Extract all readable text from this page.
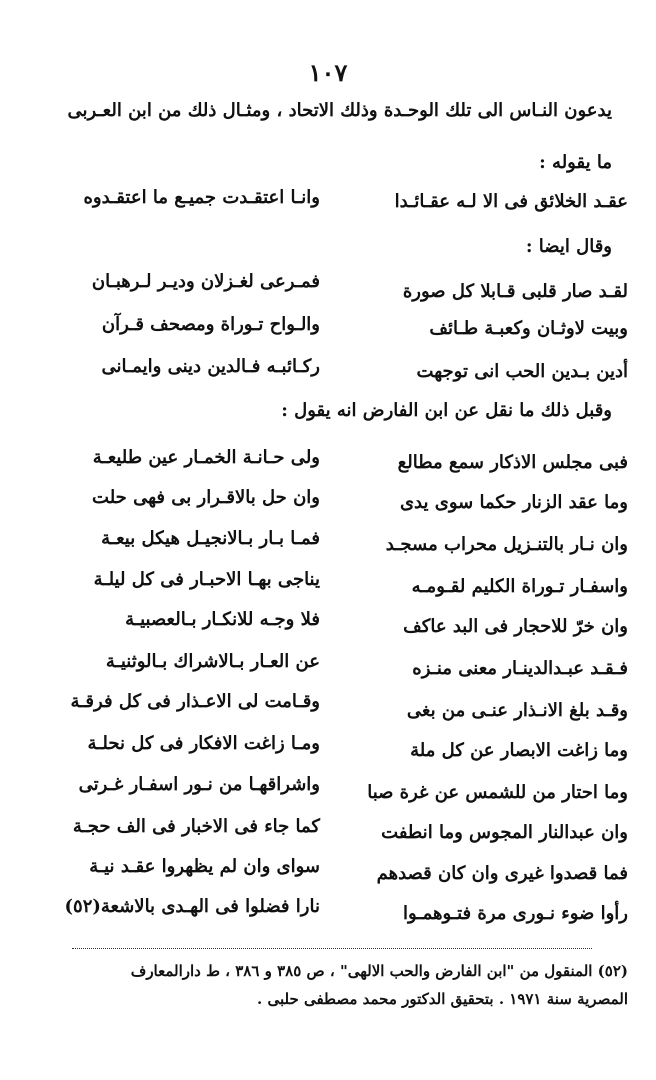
١٠٧
يدعون النـاس الى تلك الوحـدة وذلك الاتحاد ، ومثـال ذلك من ابن العـربى
ما يقوله :
عقـد الخلائق فى الا لـه عقـائـدا
وانـا اعتقـدت جميـع ما اعتقـدوه
وقال ايضا :
لقـد صار قلبى قـابلا كل صورة
فمـرعى لغـزلان وديـر لـرهبـان
وبيت لاوثـان وكعبـة طـائف
والـواح تـوراة ومصحف قـرآن
أدين بـدين الحب انى توجهت
ركـائبـه فـالدين دينى وايمـانى
وقبل ذلك ما نقل عن ابن الفارض انه يقول :
فبى مجلس الاذكار سمع مطالع
ولى حـانـة الخمـار عين طليعـة
وما عقد الزنار حكما سوى يدى
وان حل بالاقـرار بى فهى حلت
وان نـار بالتنـزيل محراب مسجـد
فمـا بـار بـالانجيـل هيكل بيعـة
واسفـار تـوراة الكليم لقـومـه
يناجى بهـا الاحبـار فى كل ليلـة
وان خرّ للاحجار فى البد عاكف
فلا وجـه للانكـار بـالعصبيـة
فـقـد عبـدالدينـار معنى منـزه
عن العـار بـالاشراك بـالوثنيـة
وقـد بلغ الانـذار عنـى من بغى
وقـامت لى الاعـذار فى كل فرقـة
وما زاغت الابصار عن كل ملة
ومـا زاغت الافكار فى كل نحلـة
وما احتار من للشمس عن غرة صبا
واشراقهـا من نـور اسفـار غـرتى
وان عبدالنار المجوس وما انطفت
كما جاء فى الاخبار فى الف حجـة
فما قصدوا غيرى وان كان قصدهم
سواى وان لم يظهروا عقـد نيـة
رأوا ضوء نـورى مرة فتـوهمـوا
نارا فضلوا فى الهـدى بالاشعة(٥٢)
(٥٢) المنقول من "ابن الفارض والحب الالهى" ، ص ٣٨٥ و ٣٨٦ ، ط دارالمعارف
المصرية سنة ١٩٧١ . بتحقيق الدكتور محمد مصطفى حلبى .
